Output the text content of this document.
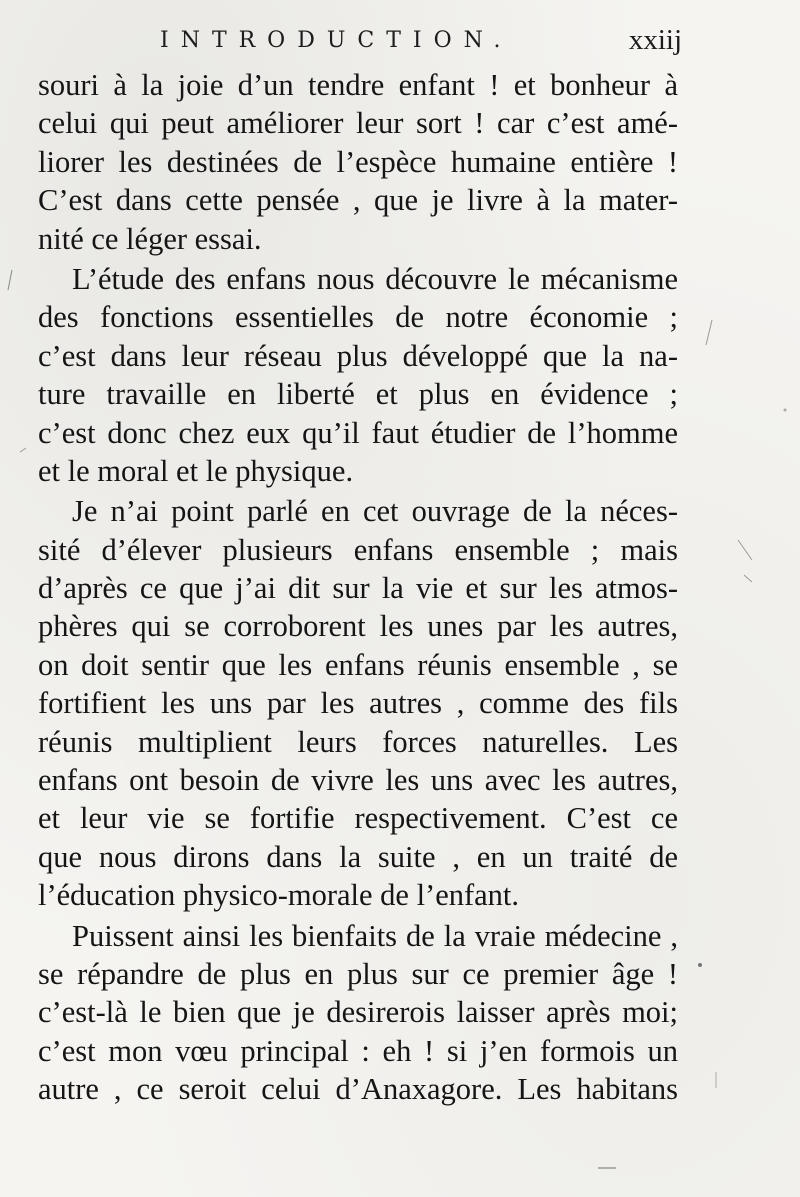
INTRODUCTION.	xxiij
souri à la joie d’un tendre enfant ! et bonheur à
celui qui peut améliorer leur sort ! car c’est amé-
liorer les destinées de l’espèce humaine entière !
C’est dans cette pensée , que je livre à la mater-
nité ce léger essai.
L’étude des enfans nous découvre le mécanisme
des fonctions essentielles de notre économie ;
c’est dans leur réseau plus développé que la na-
ture travaille en liberté et plus en évidence ;
c’est donc chez eux qu’il faut étudier de l’homme
et le moral et le physique.
Je n’ai point parlé en cet ouvrage de la néces-
sité d’élever plusieurs enfans ensemble ; mais
d’après ce que j’ai dit sur la vie et sur les atmos-
phères qui se corroborent les unes par les autres,
on doit sentir que les enfans réunis ensemble , se
fortifient les uns par les autres , comme des fils
réunis multiplient leurs forces naturelles. Les
enfans ont besoin de vivre les uns avec les autres,
et leur vie se fortifie respectivement. C’est ce
que nous dirons dans la suite , en un traité de
l’éducation physico-morale de l’enfant.
Puissent ainsi les bienfaits de la vraie médecine ,
se répandre de plus en plus sur ce premier âge !
c’est-là le bien que je desirerois laisser après moi;
c’est mon vœu principal : eh ! si j’en formois un
autre , ce seroit celui d’Anaxagore. Les habitans
